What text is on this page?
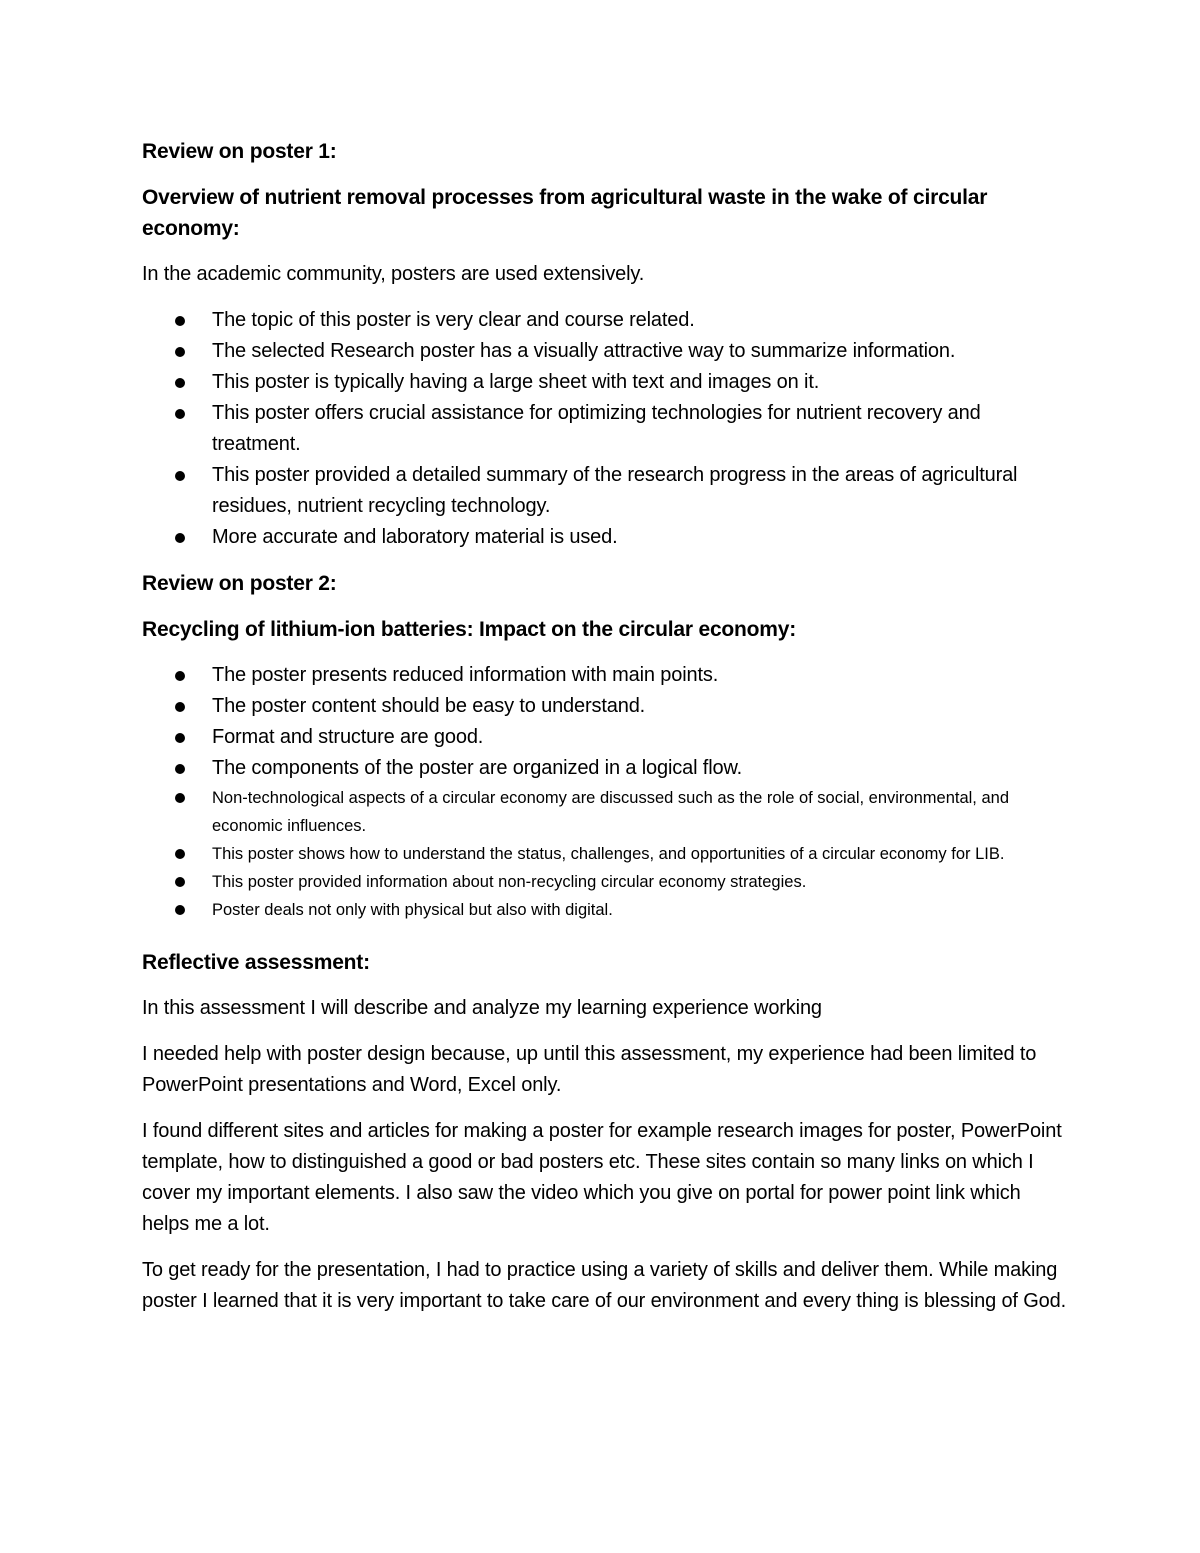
Review on poster 1:
Overview of nutrient removal processes from agricultural waste in the wake of circular economy:
In the academic community, posters are used extensively.
The topic of this poster is very clear and course related.
The selected Research poster has a visually attractive way to summarize information.
This poster is typically having a large sheet with text and images on it.
This poster offers crucial assistance for optimizing technologies for nutrient recovery and treatment.
This poster provided a detailed summary of the research progress in the areas of agricultural residues, nutrient recycling technology.
More accurate and laboratory material is used.
Review on poster 2:
Recycling of lithium-ion batteries: Impact on the circular economy:
The poster presents reduced information with main points.
The poster content should be easy to understand.
Format and structure are good.
The components of the poster are organized in a logical flow.
Non-technological aspects of a circular economy are discussed such as the role of social, environmental, and economic influences.
This poster shows how to understand the status, challenges, and opportunities of a circular economy for LIB.
This poster provided information about non-recycling circular economy strategies.
Poster deals not only with physical but also with digital.
Reflective assessment:
In this assessment I will describe and analyze my learning experience working
I needed help with poster design because, up until this assessment, my experience had been limited to PowerPoint presentations and Word, Excel only.
I found different sites and articles for making a poster for example research images for poster, PowerPoint template, how to distinguished a good or bad posters etc. These sites contain so many links on which I cover my important elements. I also saw the video which you give on portal for power point link which helps me a lot.
To get ready for the presentation, I had to practice using a variety of skills and deliver them. While making poster I learned that it is very important to take care of our environment and every thing is blessing of God.
